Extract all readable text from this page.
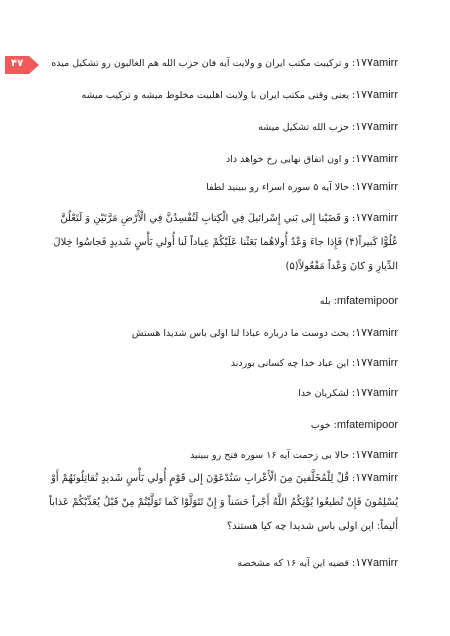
۴۷	١٧٧amirr: و ترکیبت مکتب ایران و ولایت آیه فان حزب الله هم الغالبون رو تشکیل میده
١٧٧amirr: یعنی وقتی مکتب ایران با ولایت اهلبیت مخلوط میشه و ترکیب میشه
١٧٧amirr: حزب الله تشکیل میشه
١٧٧amirr: و اون اتفاق نهایی رخ خواهد داد
١٧٧amirr: حالا آیه ۵ سوره اسراء رو ببینید لطفا
١٧٧amirr: وَ قَضَيْنا إِلى‏ بَني‏ إِسْرائيلَ فِي الْكِتابِ لَتُفْسِدُنَّ فِي الْأَرْضِ مَرَّتَيْنِ وَ لَتَعْلُنَّ عُلُوًّا كَبيراً(۴) فَإِذا جاءَ وَعْدُ أُولاهُما بَعَثْنا عَلَيْكُمْ عِباداً لَنا أُولي‏ بَأْسٍ شَديدٍ فَجاسُوا خِلالَ الدِّيارِ وَ كانَ وَعْداً مَفْعُولاً(۵)
mfatemipoor: بله
١٧٧amirr: بحث دوست ما درباره عبادا لنا اولی باس شدیدا هستش
١٧٧amirr: این عباد خدا چه کسانی بوردند
١٧٧amirr: لشکریان خدا
mfatemipoor: خوب
١٧٧amirr: حالا بی زحمت آیه ۱۶ سوره فتح رو ببینید
١٧٧amirr: قُلْ لِلْمُخَلَّفينَ مِنَ الْأَعْرابِ سَتُدْعَوْنَ إِلى‏ قَوْمٍ أُولي‏ بَأْسٍ شَديدٍ تُقاتِلُونَهُمْ أَوْ يُسْلِمُونَ فَإِنْ تُطيعُوا يُؤْتِكُمُ اللَّهُ أَجْراً حَسَناً وَ إِنْ تَتَوَلَّوْا كَما تَوَلَّيْتُمْ مِنْ قَبْلُ يُعَذِّبْكُمْ عَذاباً أَليماً: این اولی باس شدیدا چه کیا هستند؟
١٧٧amirr: قضیه این آیه ۱۶ که مشخصه
